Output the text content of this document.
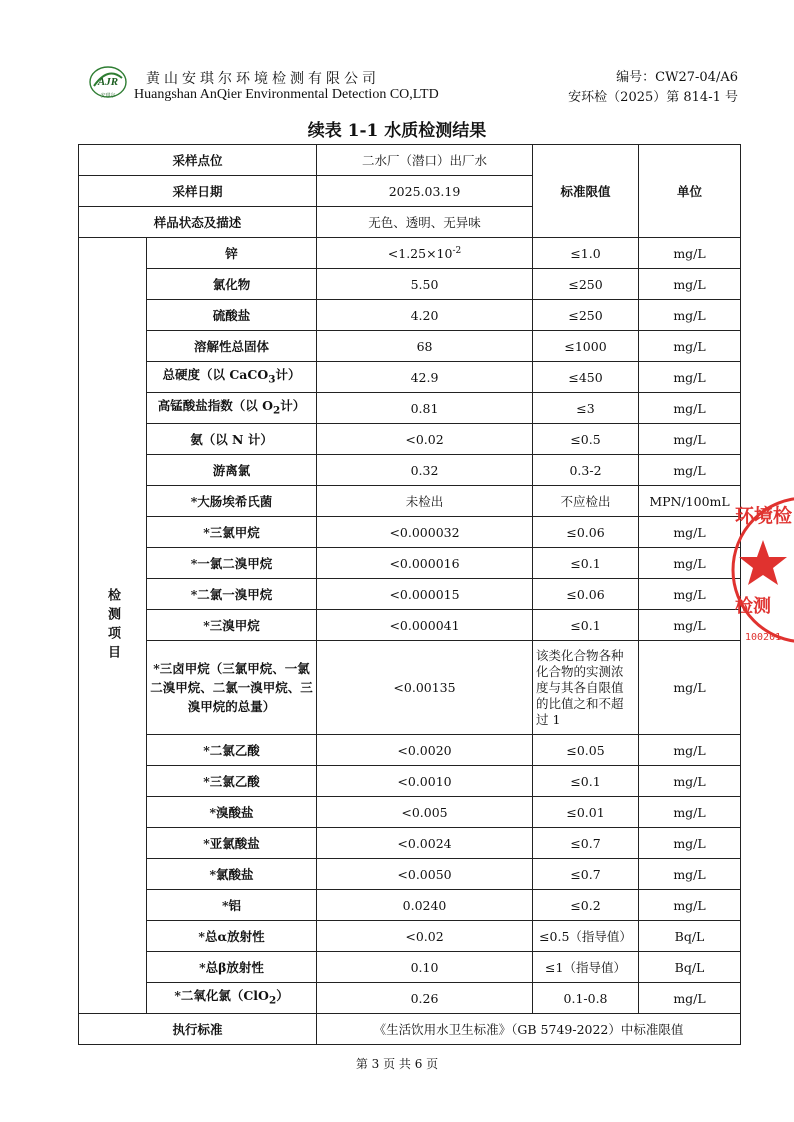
AJR
安琪尔
黄山安琪尔环境检测有限公司
Huangshan AnQier Environmental Detection CO,LTD
编号：CW27-04/A6
安环检（2025）第 814-1 号
续表 1-1 水质检测结果
采样点位		二水厂（潜口）出厂水	标准限值	单位
采样日期		2025.03.19		
样品状态及描述		无色、透明、无异味		
检测项目	锌	$<1.25\times 10^{-2}$	≤1.0	mg/L
	氯化物	5.50	≤250	mg/L
	硫酸盐	4.20	≤250	mg/L
	溶解性总固体	68	≤1000	mg/L
	总硬度（以 CaCO$_3$计）	42.9	≤450	mg/L
	高锰酸盐指数（以 $O_2$计）	0.81	≤3	mg/L
	氨（以 N 计）	<0.02	≤0.5	mg/L
	游离氯	0.32	0.3-2	mg/L
	*大肠埃希氏菌	未检出	不应检出	MPN/100mL
	*三氯甲烷	<0.000032	≤0.06	mg/L
	*一氯二溴甲烷	<0.000016	≤0.1	mg/L
	*二氯一溴甲烷	<0.000015	≤0.06	mg/L
	*三溴甲烷	<0.000041	≤0.1	mg/L
	*三卤甲烷（三氯甲烷、一氯二溴甲烷、二氯一溴甲烷、三溴甲烷的总量）	<0.00135	该类化合物各种化合物的实测浓度与其各自限值的比值之和不超过 1	mg/L
	*二氯乙酸	<0.0020	≤0.05	mg/L
	*三氯乙酸	<0.0010	≤0.1	mg/L
	*溴酸盐	<0.005	≤0.01	mg/L
	*亚氯酸盐	<0.0024	≤0.7	mg/L
	*氯酸盐	<0.0050	≤0.7	mg/L
	*铝	0.0240	≤0.2	mg/L
	*总α放射性	<0.02	≤0.5（指导值）	Bq/L
	*总β放射性	0.10	≤1（指导值）	Bq/L
	*二氧化氯（ClO$_2$）	0.26	0.1-0.8	mg/L
执行标准		《生活饮用水卫生标准》（GB 5749-2022）中标准限值		
环境检
检测
100201
第 3 页 共 6 页
